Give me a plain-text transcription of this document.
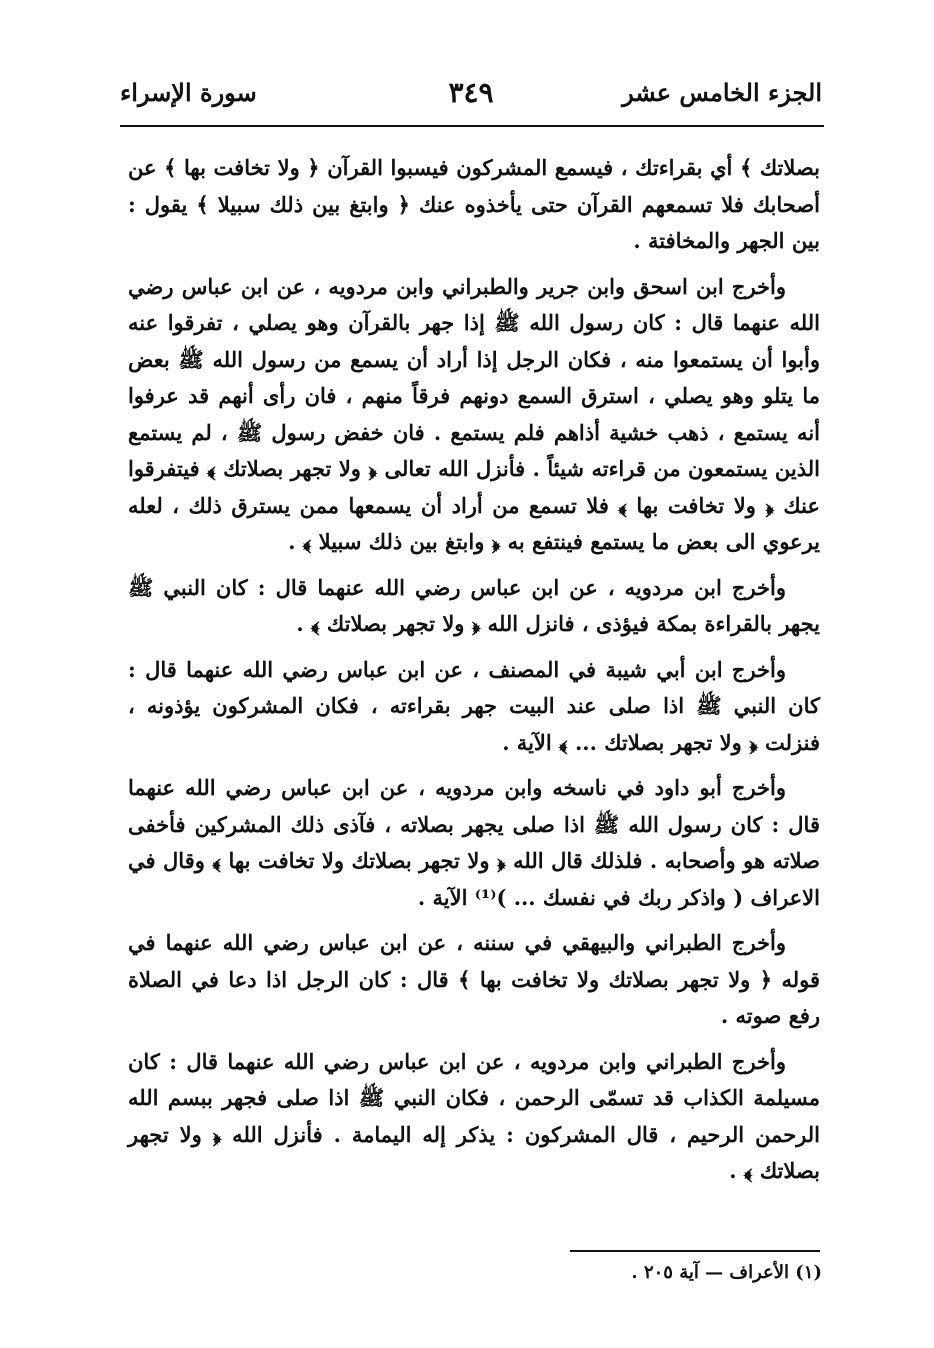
الجزء الخامس عشر
٣٤٩
سورة الإسراء

بصلاتك ﴾ أي بقراءتك ، فيسمع المشركون فيسبوا القرآن ﴿ ولا تخافت بها ﴾ عن أصحابك فلا تسمعهم القرآن حتى يأخذوه عنك ﴿ وابتغ بين ذلك سبيلا ﴾ يقول : بين الجهر والمخافتة .

وأخرج ابن اسحق وابن جرير والطبراني وابن مردويه ، عن ابن عباس رضي الله عنهما قال : كان رسول الله ﷺ إذا جهر بالقرآن وهو يصلي ، تفرقوا عنه وأبوا أن يستمعوا منه ، فكان الرجل إذا أراد أن يسمع من رسول الله ﷺ بعض ما يتلو وهو يصلي ، استرق السمع دونهم فرقاً منهم ، فان رأى أنهم قد عرفوا أنه يستمع ، ذهب خشية أذاهم فلم يستمع . فان خفض رسول ﷺ ، لم يستمع الذين يستمعون من قراءته شيئاً . فأنزل الله تعالى ﴿ ولا تجهر بصلاتك ﴾ فيتفرقوا عنك ﴿ ولا تخافت بها ﴾ فلا تسمع من أراد أن يسمعها ممن يسترق ذلك ، لعله يرعوي الى بعض ما يستمع فينتفع به ﴿ وابتغ بين ذلك سبيلا ﴾ .

وأخرج ابن مردويه ، عن ابن عباس رضي الله عنهما قال : كان النبي ﷺ يجهر بالقراءة بمكة فيؤذى ، فانزل الله ﴿ ولا تجهر بصلاتك ﴾ .

وأخرج ابن أبي شيبة في المصنف ، عن ابن عباس رضي الله عنهما قال : كان النبي ﷺ اذا صلى عند البيت جهر بقراءته ، فكان المشركون يؤذونه ، فنزلت ﴿ ولا تجهر بصلاتك ... ﴾ الآية .

وأخرج أبو داود في ناسخه وابن مردويه ، عن ابن عباس رضي الله عنهما قال : كان رسول الله ﷺ اذا صلى يجهر بصلاته ، فآذى ذلك المشركين فأخفى صلاته هو وأصحابه . فلذلك قال الله ﴿ ولا تجهر بصلاتك ولا تخافت بها ﴾ وقال في الاعراف ( واذكر ربك في نفسك ... )⁽¹⁾ الآية .

وأخرج الطبراني والبيهقي في سننه ، عن ابن عباس رضي الله عنهما في قوله ﴿ ولا تجهر بصلاتك ولا تخافت بها ﴾ قال : كان الرجل اذا دعا في الصلاة رفع صوته .

وأخرج الطبراني وابن مردويه ، عن ابن عباس رضي الله عنهما قال : كان مسيلمة الكذاب قد تسمّى الرحمن ، فكان النبي ﷺ اذا صلى فجهر ببسم الله الرحمن الرحيم ، قال المشركون : يذكر إله اليمامة . فأنزل الله ﴿ ولا تجهر بصلاتك ﴾ .

(١) الأعراف — آية ٢٠٥ .
